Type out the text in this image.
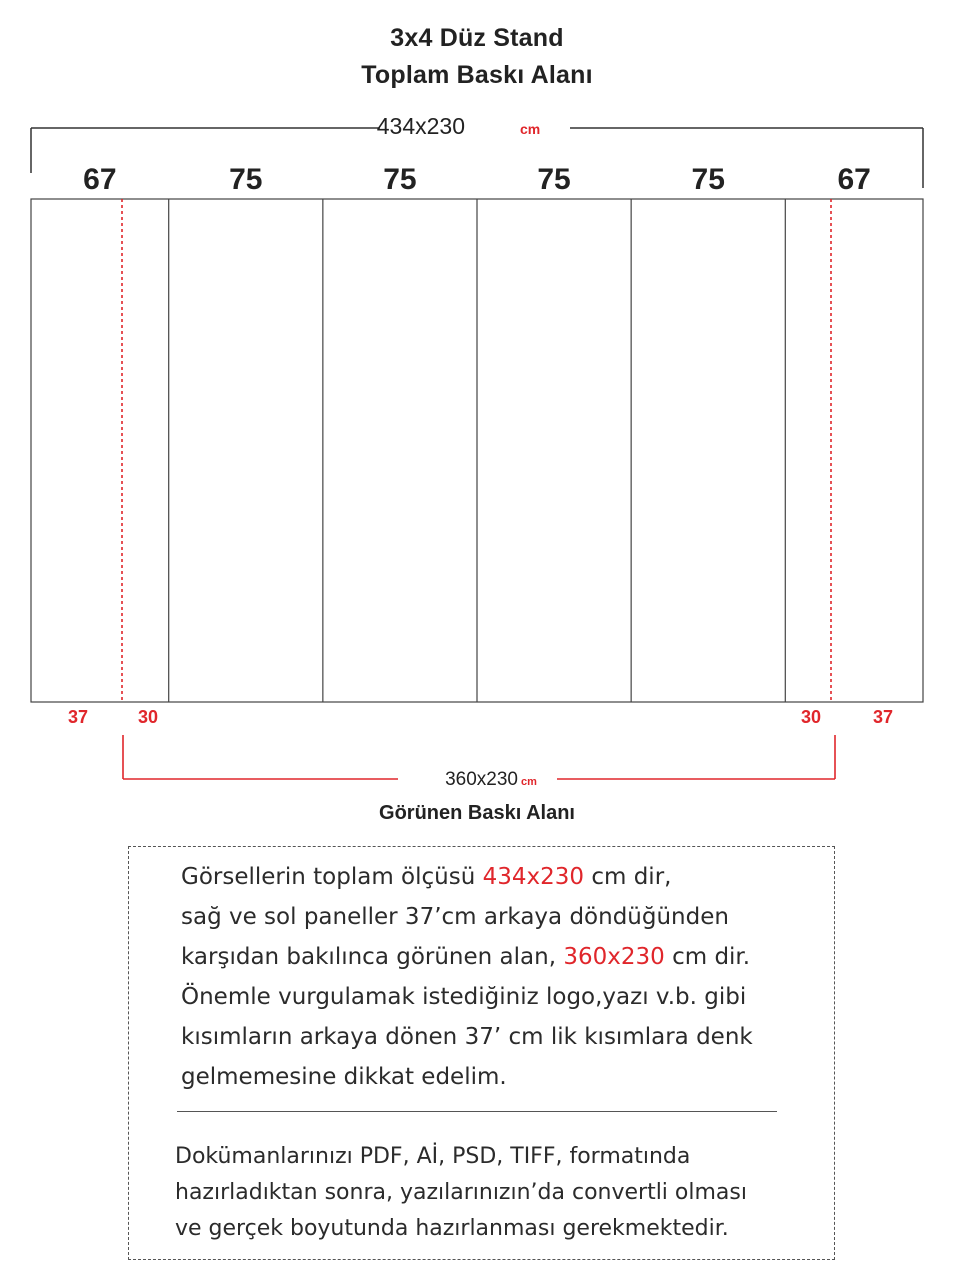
3x4 Düz Stand
Toplam Baskı Alanı
434x230	cm
67	75	75	75	75	67
37	30	30	37
360x230 cm
Görünen Baskı Alanı

Görsellerin toplam ölçüsü 434x230 cm dir,
sağ ve sol paneller 37’cm arkaya döndüğünden
karşıdan bakılınca görünen alan, 360x230 cm dir.
Önemle vurgulamak istediğiniz logo,yazı v.b. gibi
kısımların arkaya dönen 37’ cm lik kısımlara denk
gelmemesine dikkat edelim.

Dokümanlarınızı PDF, Aİ, PSD, TIFF, formatında
hazırladıktan sonra, yazılarınızın’da convertli olması
ve gerçek boyutunda hazırlanması gerekmektedir.
